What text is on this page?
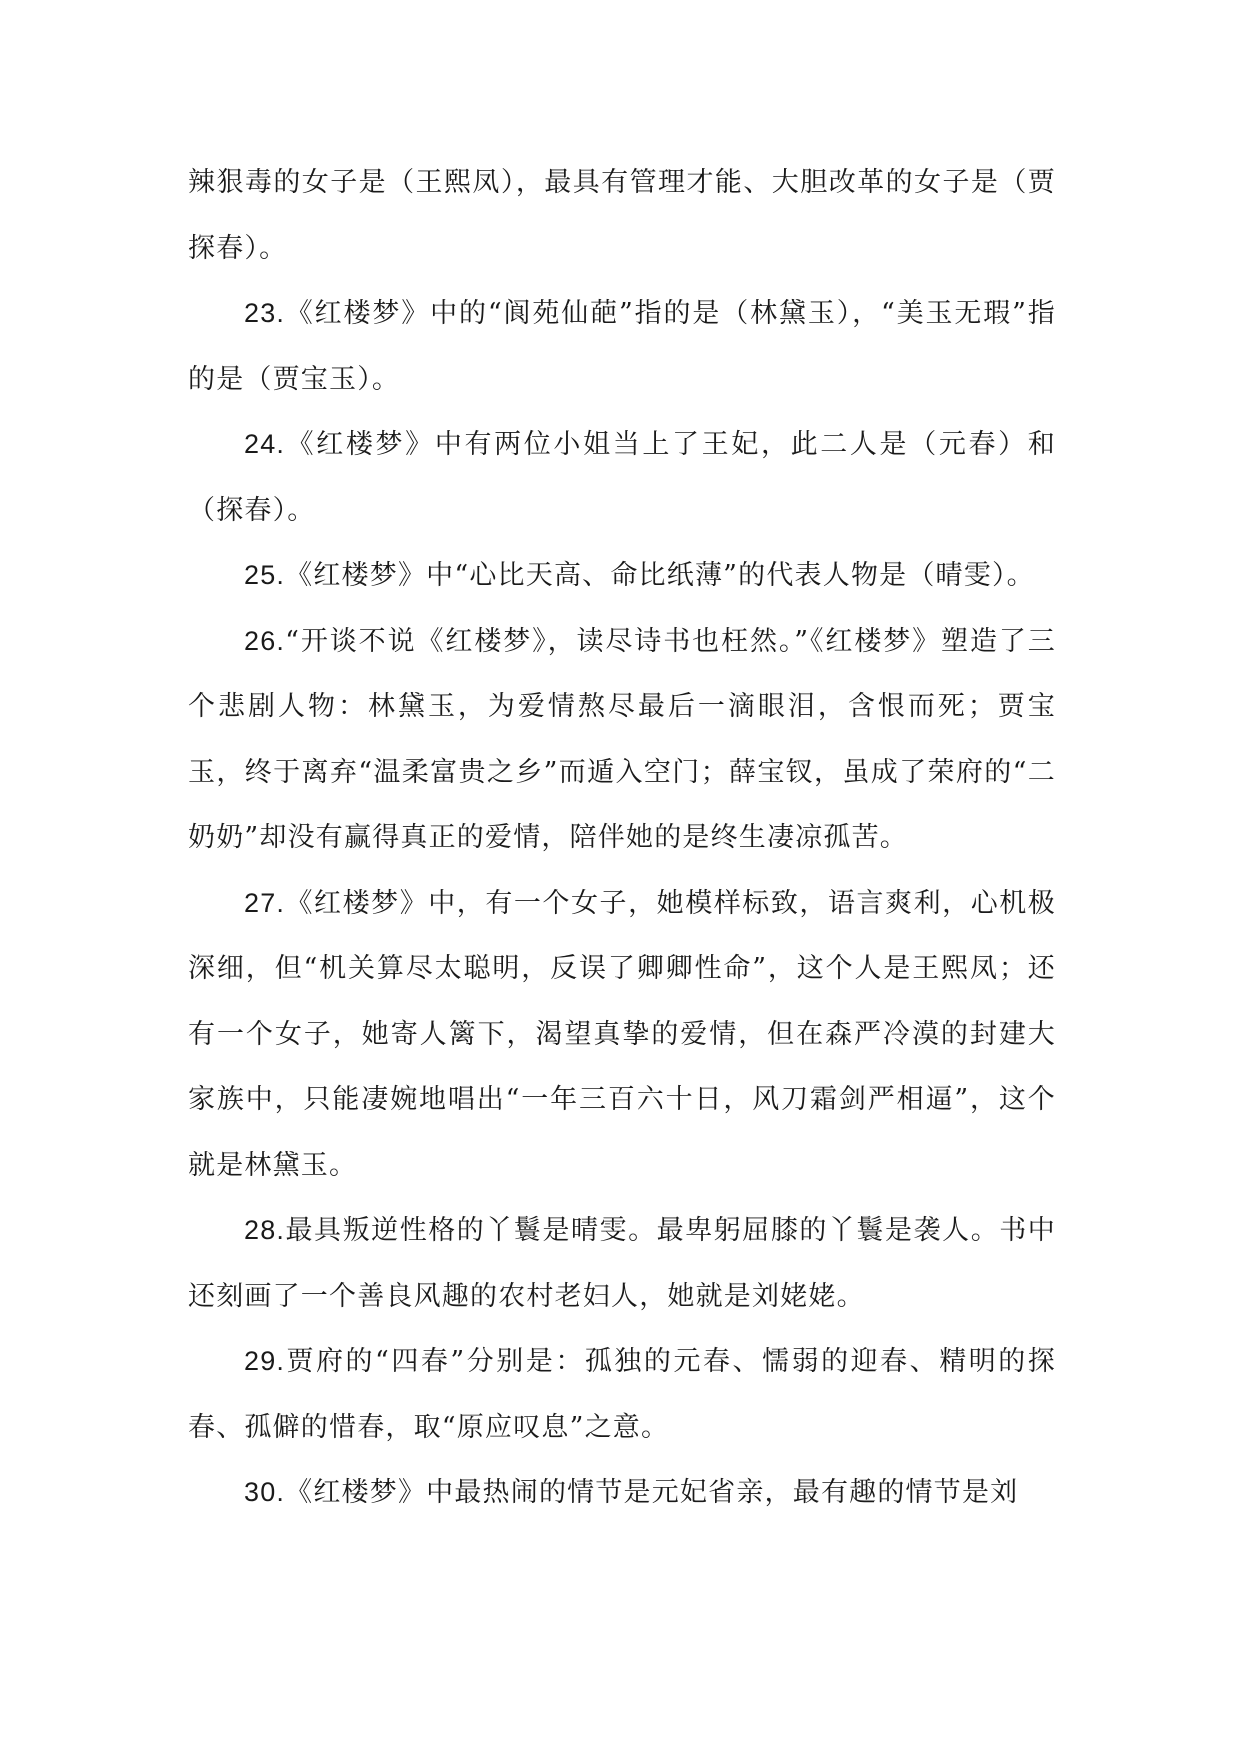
辣狠毒的女子是（王熙凤），最具有管理才能、大胆改革的女子是（贾探春）。

23.《红楼梦》中的“阆苑仙葩”指的是（林黛玉），“美玉无瑕”指的是（贾宝玉）。

24.《红楼梦》中有两位小姐当上了王妃，此二人是（元春）和（探春）。

25.《红楼梦》中“心比天高、命比纸薄”的代表人物是（晴雯）。

26.“开谈不说《红楼梦》，读尽诗书也枉然。”《红楼梦》塑造了三个悲剧人物：林黛玉，为爱情熬尽最后一滴眼泪，含恨而死；贾宝玉，终于离弃“温柔富贵之乡”而遁入空门；薛宝钗，虽成了荣府的“二奶奶”却没有赢得真正的爱情，陪伴她的是终生凄凉孤苦。

27.《红楼梦》中，有一个女子，她模样标致，语言爽利，心机极深细，但“机关算尽太聪明，反误了卿卿性命”，这个人是王熙凤；还有一个女子，她寄人篱下，渴望真挚的爱情，但在森严冷漠的封建大家族中，只能凄婉地唱出“一年三百六十日，风刀霜剑严相逼”，这个就是林黛玉。

28.最具叛逆性格的丫鬟是晴雯。最卑躬屈膝的丫鬟是袭人。书中还刻画了一个善良风趣的农村老妇人，她就是刘姥姥。

29.贾府的“四春”分别是：孤独的元春、懦弱的迎春、精明的探春、孤僻的惜春，取“原应叹息”之意。

30.《红楼梦》中最热闹的情节是元妃省亲，最有趣的情节是刘
